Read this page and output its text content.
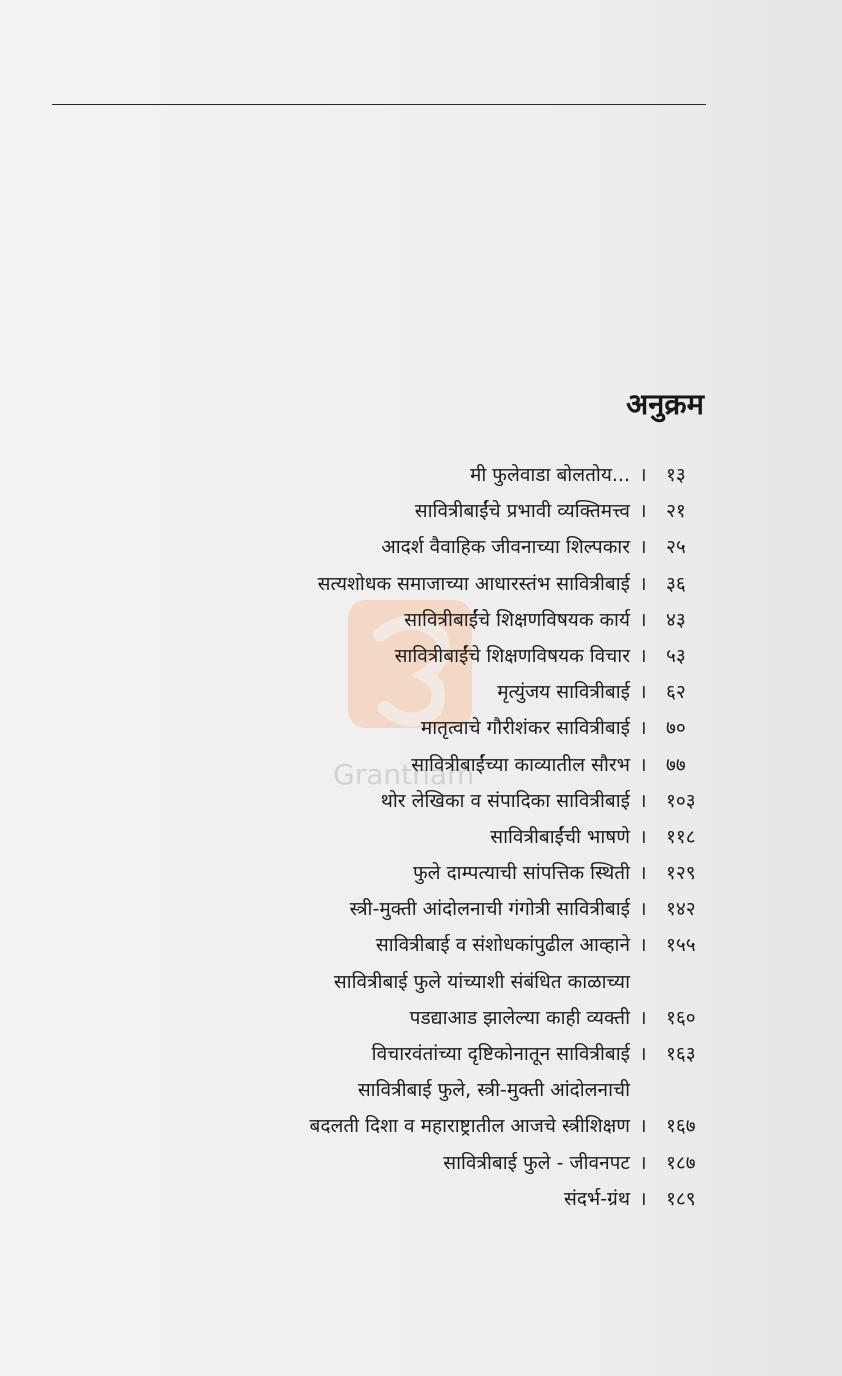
Grantham
अनुक्रम
मी फुलेवाडा बोलतोय... । १३
सावित्रीबाईंचे प्रभावी व्यक्तिमत्त्व । २१
आदर्श वैवाहिक जीवनाच्या शिल्पकार । २५
सत्यशोधक समाजाच्या आधारस्तंभ सावित्रीबाई । ३६
सावित्रीबाईंचे शिक्षणविषयक कार्य । ४३
सावित्रीबाईंचे शिक्षणविषयक विचार । ५३
मृत्युंजय सावित्रीबाई । ६२
मातृत्वाचे गौरीशंकर सावित्रीबाई । ७०
सावित्रीबाईंच्या काव्यातील सौरभ । ७७
थोर लेखिका व संपादिका सावित्रीबाई । १०३
सावित्रीबाईंची भाषणे । ११८
फुले दाम्पत्याची सांपत्तिक स्थिती । १२९
स्त्री-मुक्ती आंदोलनाची गंगोत्री सावित्रीबाई । १४२
सावित्रीबाई व संशोधकांपुढील आव्हाने । १५५
सावित्रीबाई फुले यांच्याशी संबंधित काळाच्या
पडद्याआड झालेल्या काही व्यक्ती । १६०
विचारवंतांच्या दृष्टिकोनातून सावित्रीबाई । १६३
सावित्रीबाई फुले, स्त्री-मुक्ती आंदोलनाची
बदलती दिशा व महाराष्ट्रातील आजचे स्त्रीशिक्षण । १६७
सावित्रीबाई फुले - जीवनपट । १८७
संदर्भ-ग्रंथ । १८९
